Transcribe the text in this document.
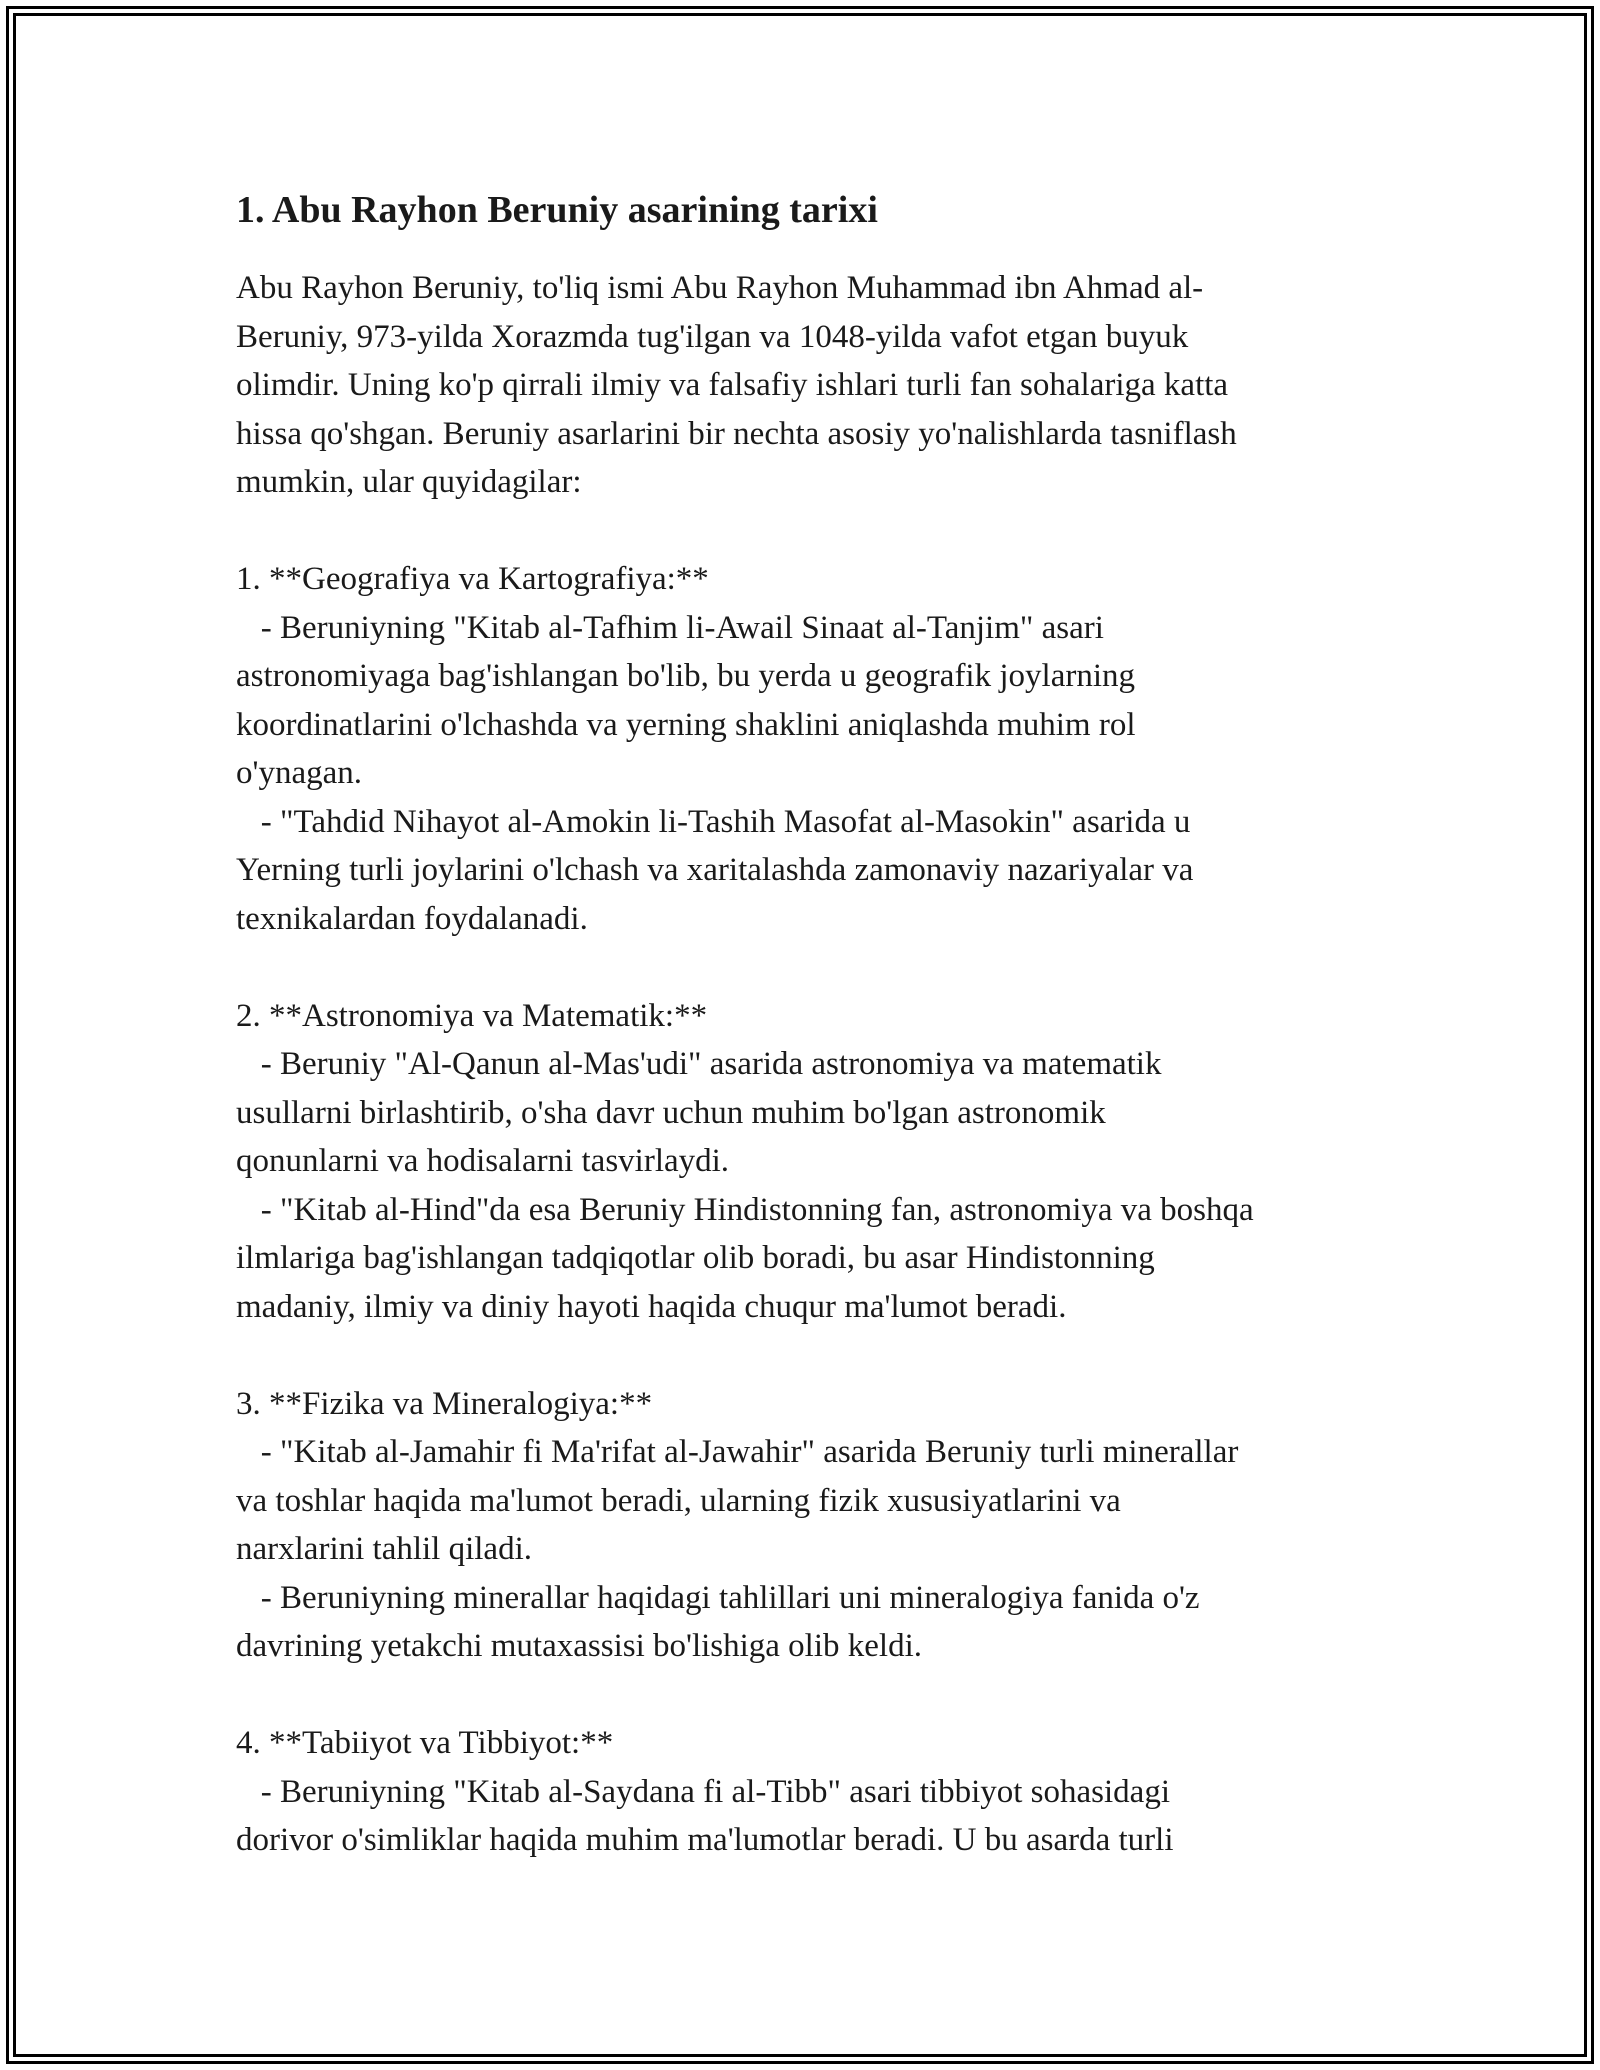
1. Abu Rayhon Beruniy asarining tarixi
Abu Rayhon Beruniy, to'liq ismi Abu Rayhon Muhammad ibn Ahmad al-
Beruniy, 973-yilda Xorazmda tug'ilgan va 1048-yilda vafot etgan buyuk
olimdir. Uning ko'p qirrali ilmiy va falsafiy ishlari turli fan sohalariga katta
hissa qo'shgan. Beruniy asarlarini bir nechta asosiy yo'nalishlarda tasniflash
mumkin, ular quyidagilar:
1. **Geografiya va Kartografiya:**
- Beruniyning "Kitab al-Tafhim li-Awail Sinaat al-Tanjim" asari
astronomiyaga bag'ishlangan bo'lib, bu yerda u geografik joylarning
koordinatlarini o'lchashda va yerning shaklini aniqlashda muhim rol
o'ynagan.
- "Tahdid Nihayot al-Amokin li-Tashih Masofat al-Masokin" asarida u
Yerning turli joylarini o'lchash va xaritalashda zamonaviy nazariyalar va
texnikalardan foydalanadi.
2. **Astronomiya va Matematik:**
- Beruniy "Al-Qanun al-Mas'udi" asarida astronomiya va matematik
usullarni birlashtirib, o'sha davr uchun muhim bo'lgan astronomik
qonunlarni va hodisalarni tasvirlaydi.
- "Kitab al-Hind"da esa Beruniy Hindistonning fan, astronomiya va boshqa
ilmlariga bag'ishlangan tadqiqotlar olib boradi, bu asar Hindistonning
madaniy, ilmiy va diniy hayoti haqida chuqur ma'lumot beradi.
3. **Fizika va Mineralogiya:**
- "Kitab al-Jamahir fi Ma'rifat al-Jawahir" asarida Beruniy turli minerallar
va toshlar haqida ma'lumot beradi, ularning fizik xususiyatlarini va
narxlarini tahlil qiladi.
- Beruniyning minerallar haqidagi tahlillari uni mineralogiya fanida o'z
davrining yetakchi mutaxassisi bo'lishiga olib keldi.
4. **Tabiiyot va Tibbiyot:**
- Beruniyning "Kitab al-Saydana fi al-Tibb" asari tibbiyot sohasidagi
dorivor o'simliklar haqida muhim ma'lumotlar beradi. U bu asarda turli
